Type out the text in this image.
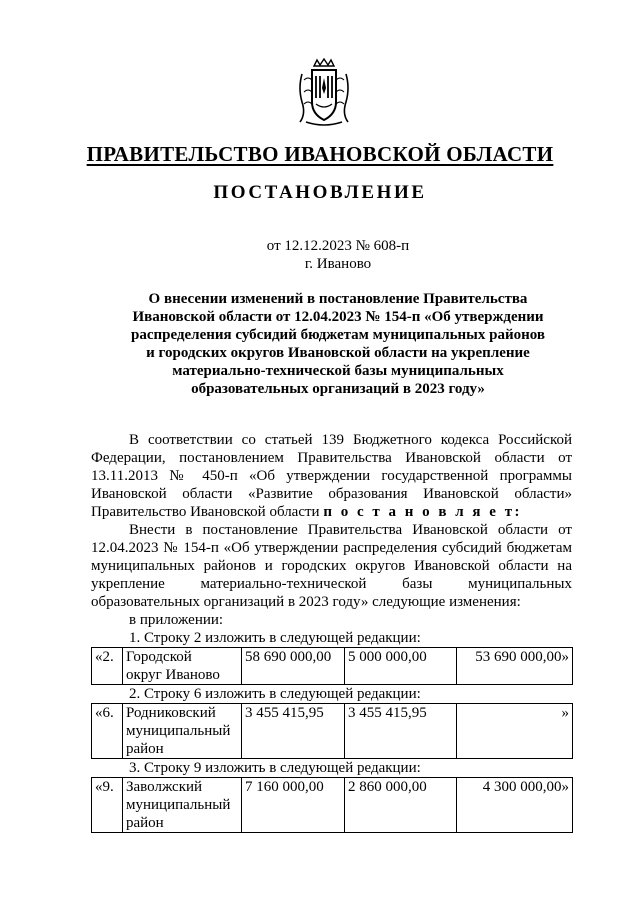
ПРАВИТЕЛЬСТВО ИВАНОВСКОЙ ОБЛАСТИ
ПОСТАНОВЛЕНИЕ
от 12.12.2023 № 608-п
г. Иваново
О внесении изменений в постановление Правительства
Ивановской области от 12.04.2023 № 154-п «Об утверждении
распределения субсидий бюджетам муниципальных районов
и городских округов Ивановской области на укрепление
материально-технической базы муниципальных
образовательных организаций в 2023 году»

В соответствии со статьей 139 Бюджетного кодекса Российской Федерации, постановлением Правительства Ивановской области от 13.11.2013 № 450-п «Об утверждении государственной программы Ивановской области «Развитие образования Ивановской области» Правительство Ивановской области п о с т а н о в л я е т:

Внести в постановление Правительства Ивановской области от 12.04.2023 № 154-п «Об утверждении распределения субсидий бюджетам муниципальных районов и городских округов Ивановской области на укрепление материально-технической базы муниципальных образовательных организаций в 2023 году» следующие изменения:

в приложении:

1. Строку 2 изложить в следующей редакции:

«2.	Городской
округ Иваново
	58 690 000,00	5 000 000,00	53 690 000,00»

2. Строку 6 изложить в следующей редакции:

«6.	Родниковский
муниципальный
район
	3 455 415,95	3 455 415,95	»

3. Строку 9 изложить в следующей редакции:

«9.	Заволжский
муниципальный
район
	7 160 000,00	2 860 000,00	4 300 000,00»
